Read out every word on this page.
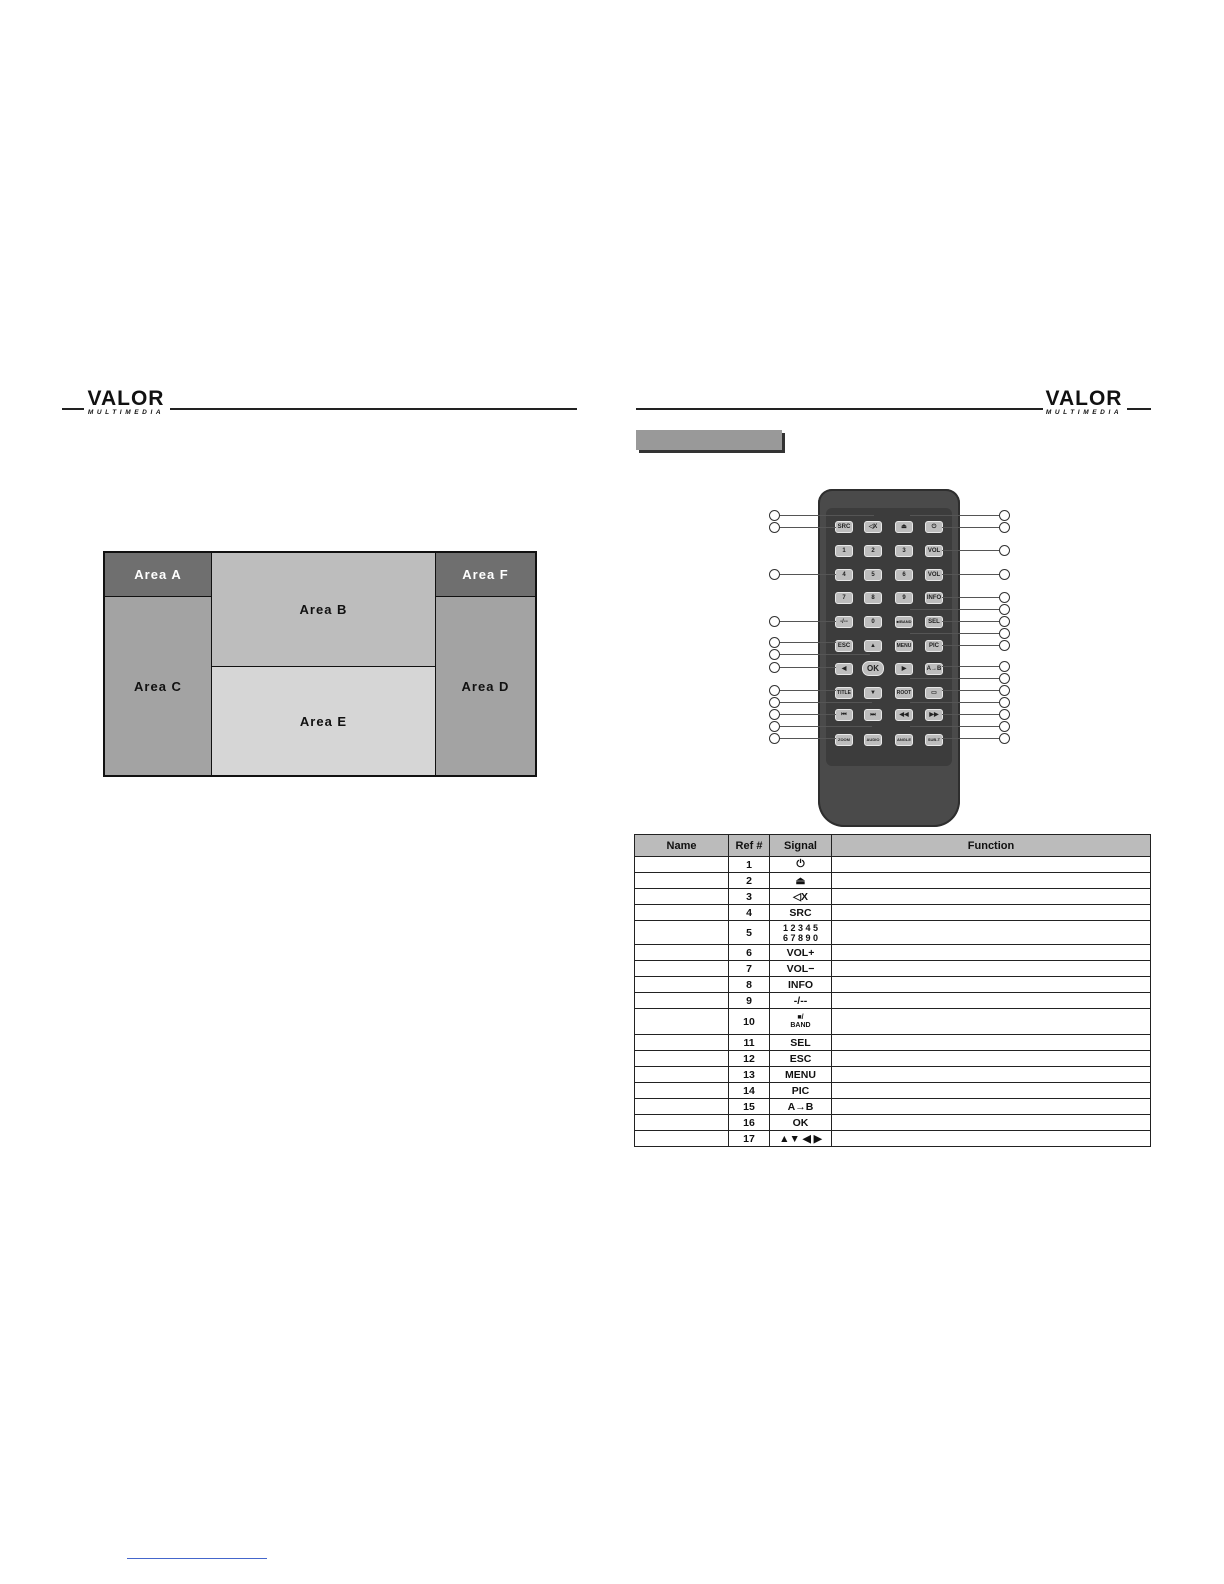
VALOR
MULTIMEDIA
Area A
Area C
Area B
Area E
Area F
Area D
VALOR
MULTIMEDIA
◁X	⏏	⏻
SRC
1	2	3	VOL
4	5	6	VOL
7	8	9	INFO
-/--	0	■/BAND	SEL
ESC	▲	MENU	PIC
◀	OK	▶	A→B
TITLE	▼	ROOT	▭
⏮	⏭	◀◀	▶▶
ZOOM	AUDIO	ANGLE	SUB-T
Name	Ref #	Signal	Function
	1	⏻	
	2	⏏	
	3	◁X	
	4	SRC	
	5	1 2 3 4 5
6 7 8 9 0	

	6	VOL+	
	7	VOL−	
	8	INFO	
	9	-/--	
	10	■/
BAND	

	11	SEL	
	12	ESC	
	13	MENU	
	14	PIC	
	15	A→B	
	16	OK	
	17	▲▼ ◀ ▶	
